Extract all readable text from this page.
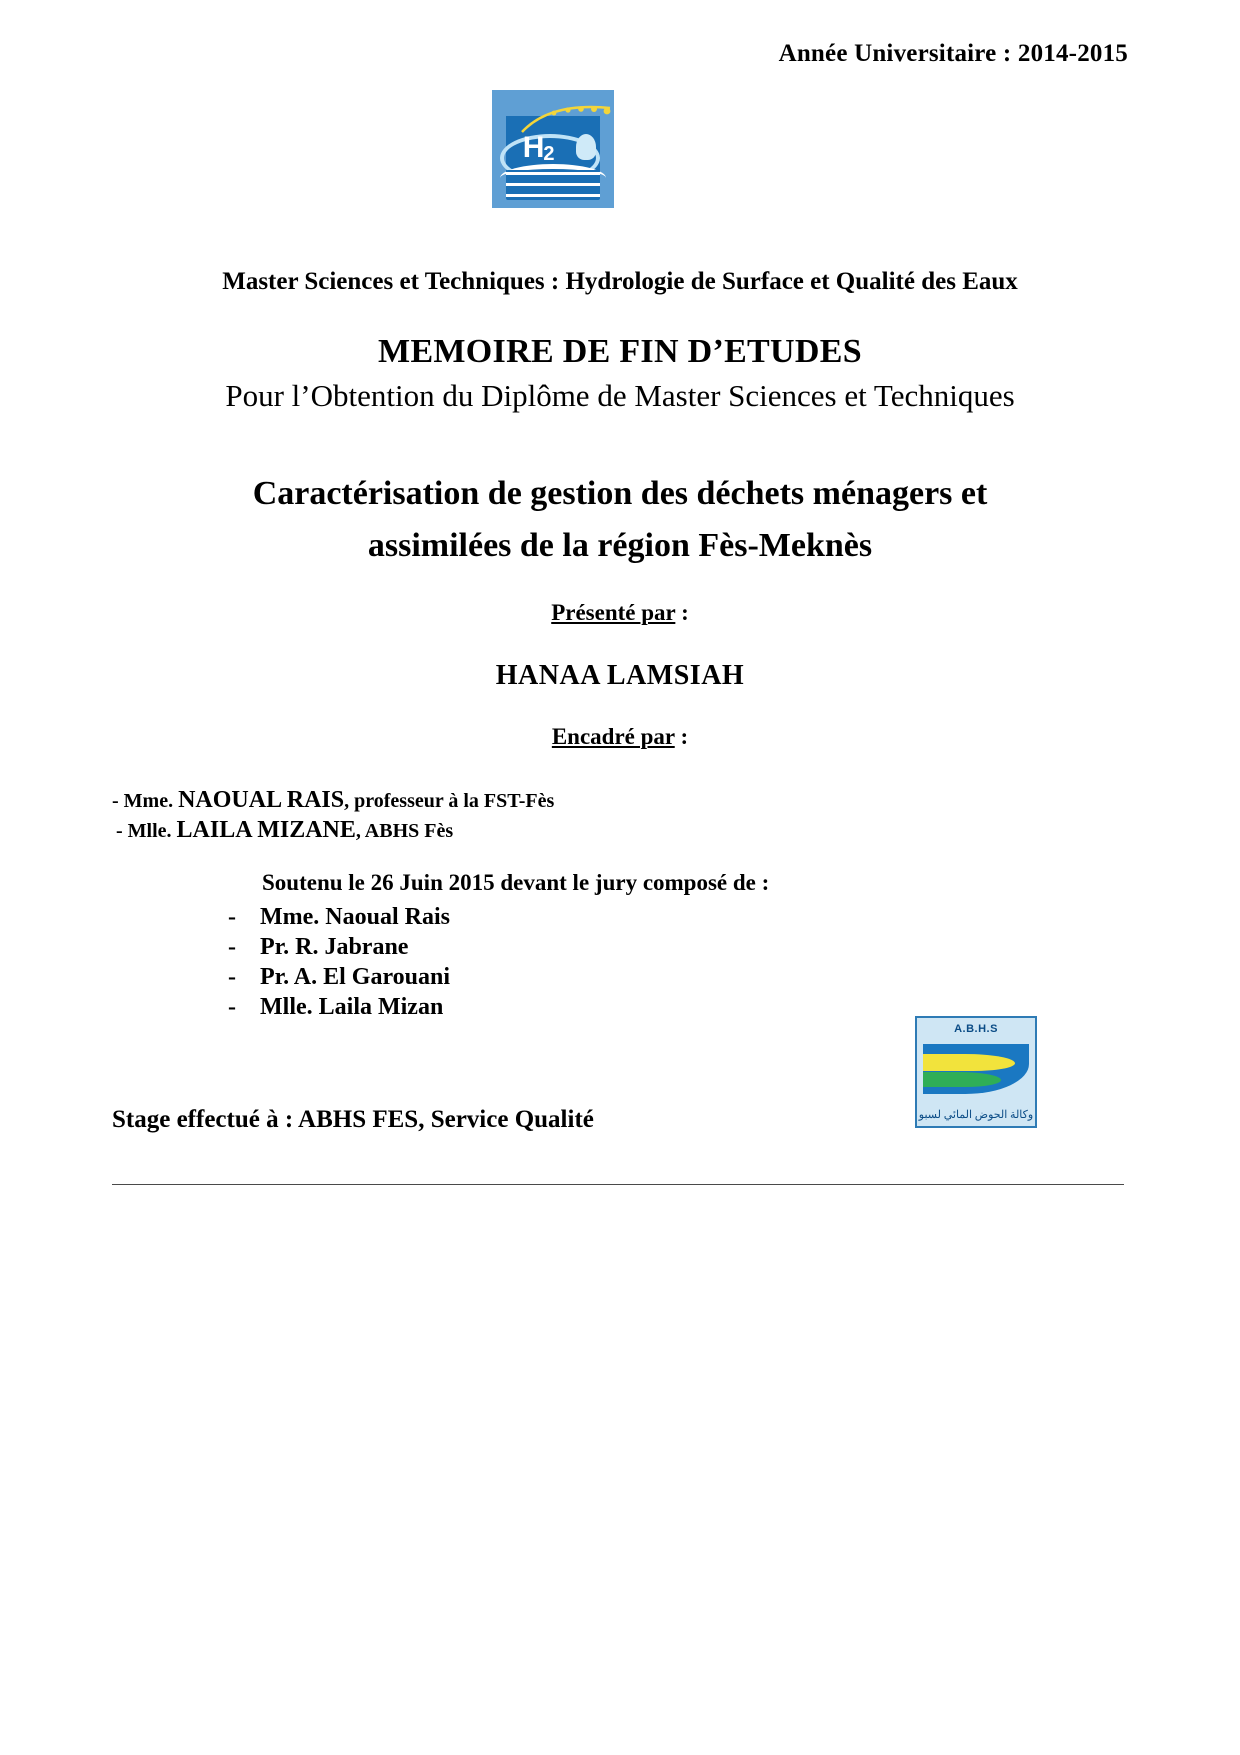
Année Universitaire : 2014-2015
H2
Master Sciences et Techniques : Hydrologie de Surface et Qualité des Eaux
MEMOIRE DE FIN D’ETUDES
Pour l’Obtention du Diplôme de Master Sciences et Techniques
Caractérisation de gestion des déchets ménagers et
assimilées de la région Fès-Meknès
Présenté par :
HANAA LAMSIAH
Encadré par :
- Mme. NAOUAL RAIS, professeur à la FST-Fès
- Mlle. LAILA MIZANE, ABHS Fès
Soutenu le 26 Juin 2015 devant le jury composé de :
-	Mme. Naoual Rais
-	Pr. R. Jabrane
-	Pr. A. El Garouani
-	Mlle. Laila Mizan
A.B.H.S
وكالة الحوض المائي لسبو
Stage effectué à : ABHS FES, Service Qualité
